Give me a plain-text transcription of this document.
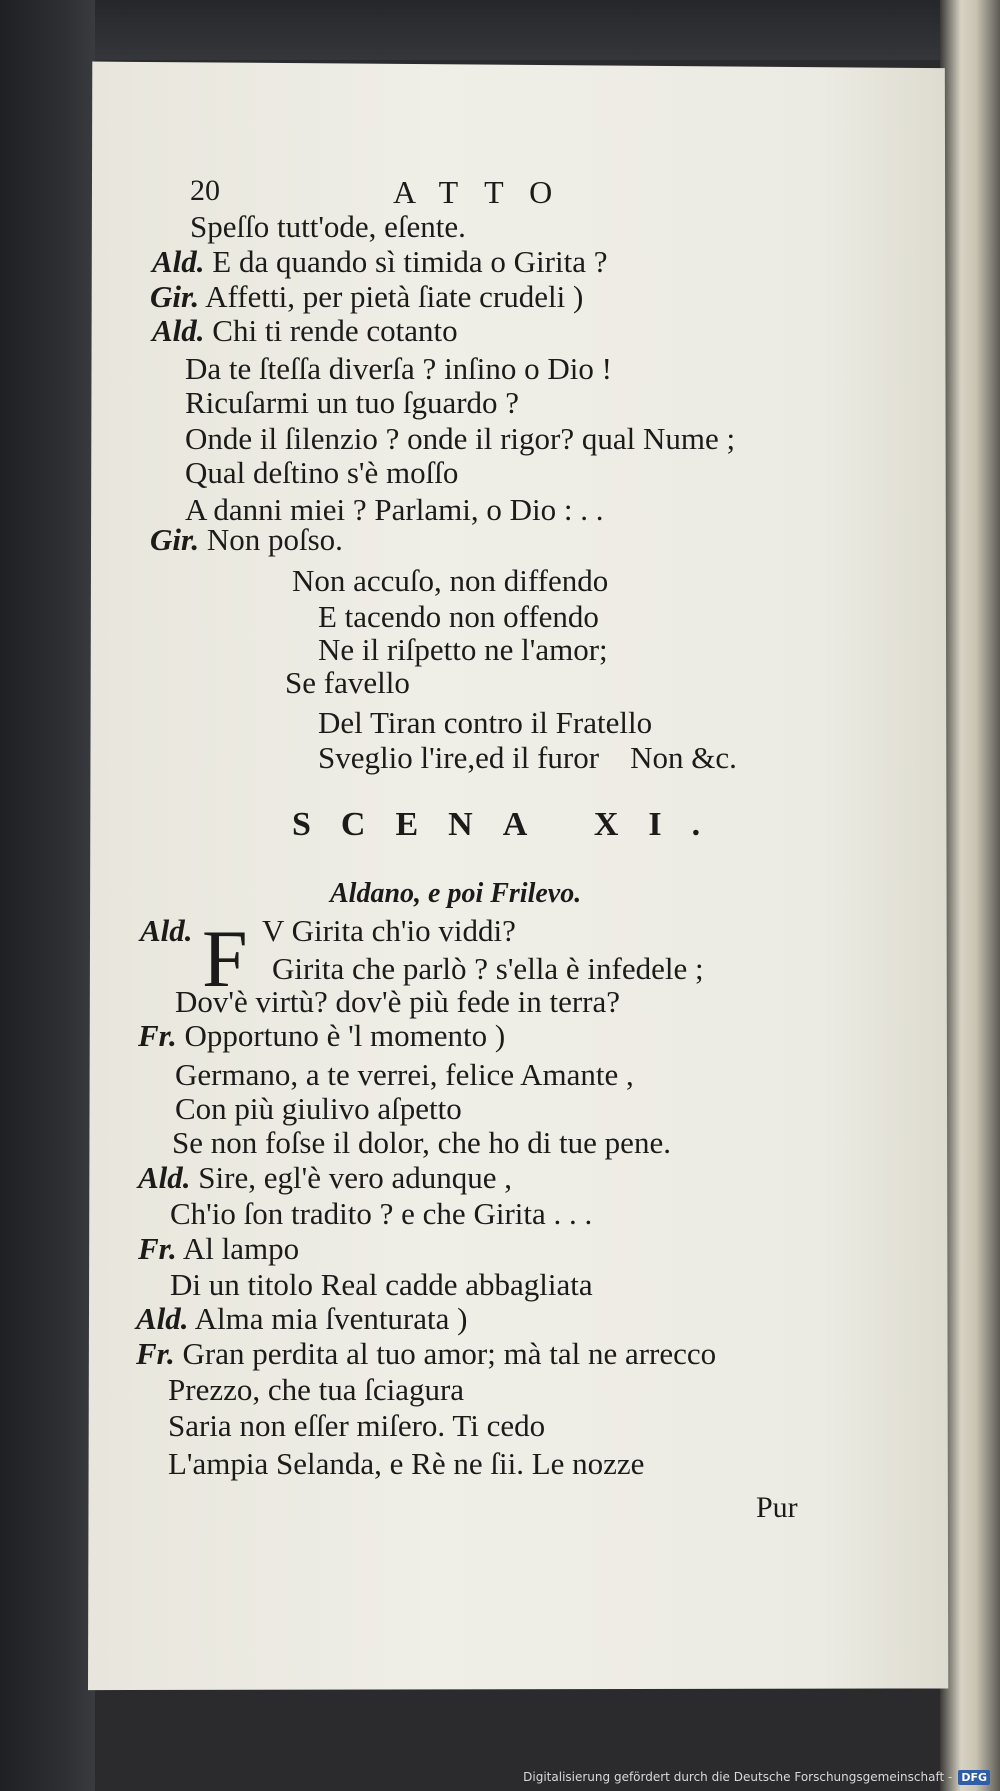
20	ATTO
Speſſo tutt'ode, eſente.
Ald. E da quando sì timida o Girita ?
Gir. Affetti, per pietà ſiate crudeli )
Ald. Chi ti rende cotanto
Da te ſteſſa diverſa ? inſino o Dio !
Ricuſarmi un tuo ſguardo ?
Onde il ſilenzio ? onde il rigor? qual Nume ;
Qual deſtino s'è moſſo
A danni miei ? Parlami, o Dio : . .
Gir. Non poſso.
Non accuſo, non diffendo
E tacendo non offendo
Ne il riſpetto ne l'amor;
Se favello
Del Tiran contro il Fratello
Sveglio l'ire,ed il furor    Non &c.
SCENA XI.
Aldano, e poi Frilevo.
Ald. F V Girita ch'io viddi?
Girita che parlò ? s'ella è infedele ;
Dov'è virtù? dov'è più fede in terra?
Fr. Opportuno è 'l momento )
Germano, a te verrei, felice Amante ,
Con più giulivo aſpetto
Se non foſse il dolor, che ho di tue pene.
Ald. Sire, egl'è vero adunque ,
Ch'io ſon tradito ? e che Girita . . .
Fr. Al lampo
Di un titolo Real cadde abbagliata
Ald. Alma mia ſventurata )
Fr. Gran perdita al tuo amor; mà tal ne arrecco
Prezzo, che tua ſciagura
Saria non eſſer miſero. Ti cedo
L'ampia Selanda, e Rè ne ſii. Le nozze
Pur
Digitalisierung gefördert durch die Deutsche Forschungsgemeinschaft - DFG
